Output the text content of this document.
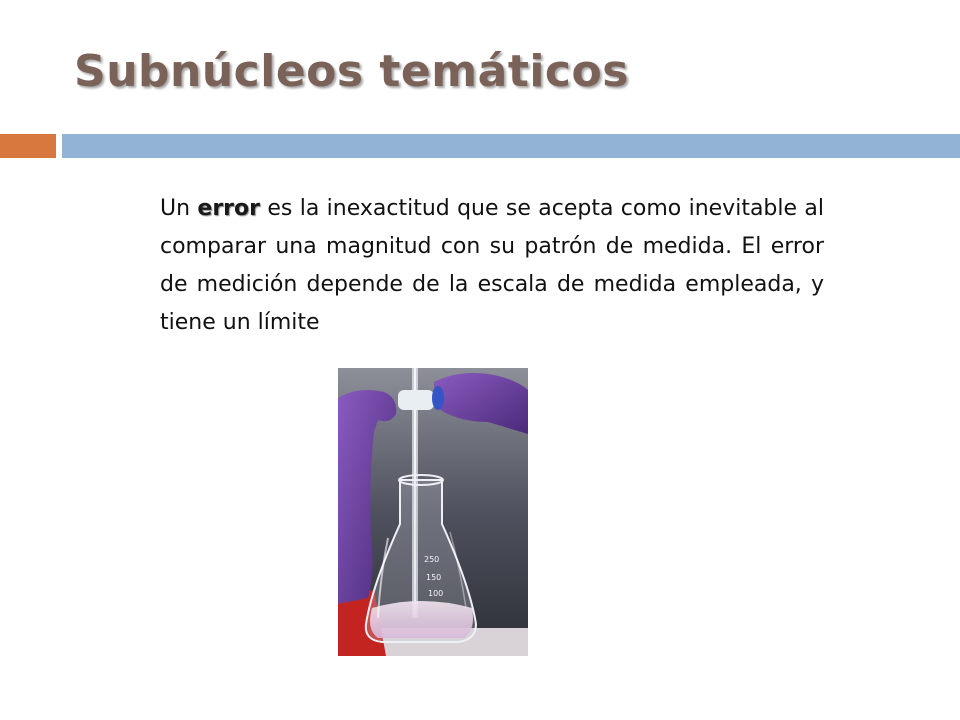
Subnúcleos temáticos

Un error es la inexactitud que se acepta como inevitable al comparar una magnitud con su patrón de medida. El error de medición depende de la escala de medida empleada, y tiene un límite

250
150
100
